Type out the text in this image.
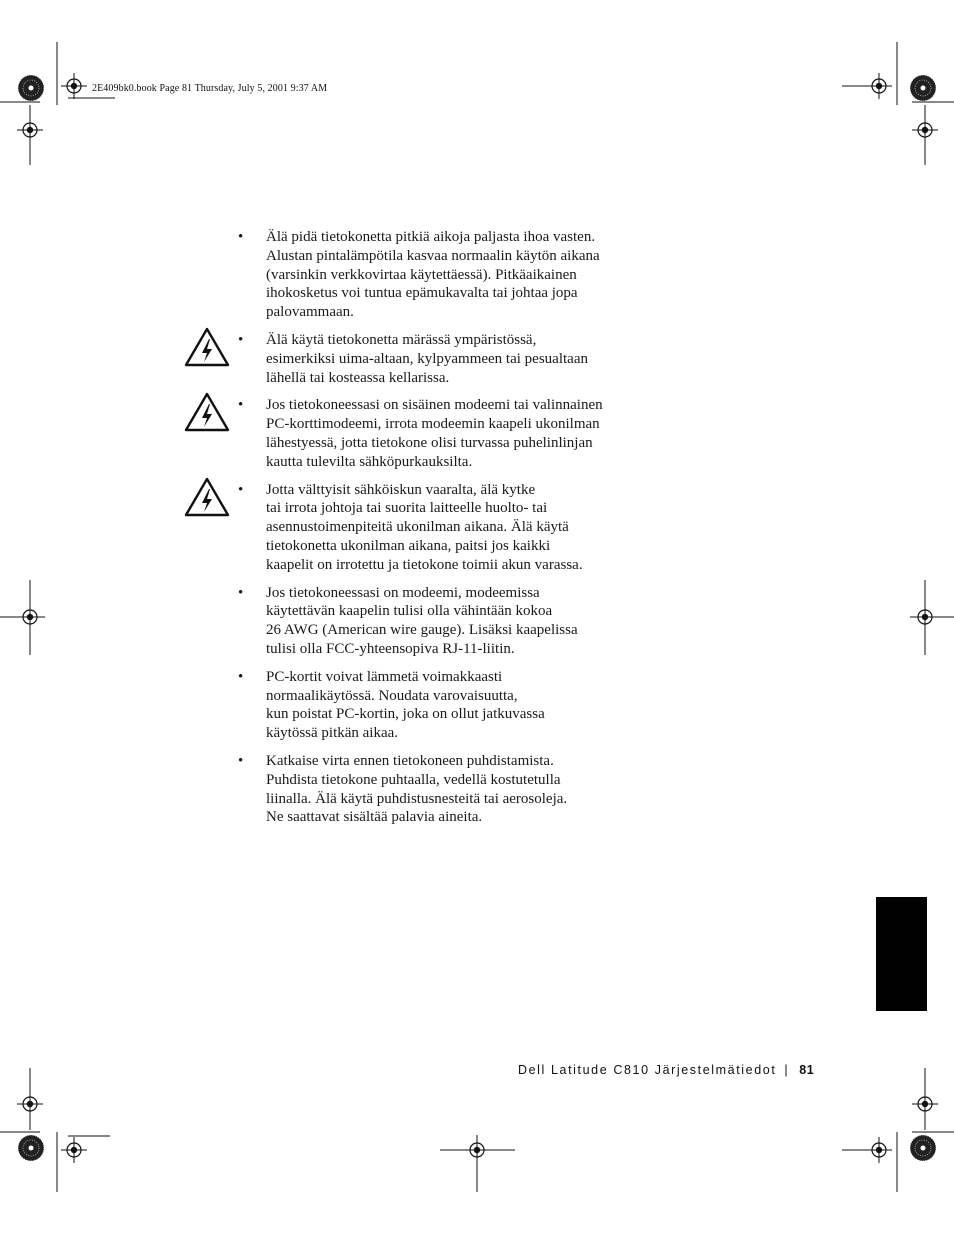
2E409bk0.book Page 81 Thursday, July 5, 2001 9:37 AM
• Älä pidä tietokonetta pitkiä aikoja paljasta ihoa vasten.
Alustan pintalämpötila kasvaa normaalin käytön aikana
(varsinkin verkkovirtaa käytettäessä). Pitkäaikainen
ihokosketus voi tuntua epämukavalta tai johtaa jopa
palovammaan.
• Älä käytä tietokonetta märässä ympäristössä,
esimerkiksi uima-altaan, kylpyammeen tai pesualtaan
lähellä tai kosteassa kellarissa.
• Jos tietokoneessasi on sisäinen modeemi tai valinnainen
PC-korttimodeemi, irrota modeemin kaapeli ukonilman
lähestyessä, jotta tietokone olisi turvassa puhelinlinjan
kautta tulevilta sähköpurkauksilta.
• Jotta välttyisit sähköiskun vaaralta, älä kytke
tai irrota johtoja tai suorita laitteelle huolto- tai
asennustoimenpiteitä ukonilman aikana. Älä käytä
tietokonetta ukonilman aikana, paitsi jos kaikki
kaapelit on irrotettu ja tietokone toimii akun varassa.
• Jos tietokoneessasi on modeemi, modeemissa
käytettävän kaapelin tulisi olla vähintään kokoa
26 AWG (American wire gauge). Lisäksi kaapelissa
tulisi olla FCC-yhteensopiva RJ-11-liitin.
• PC-kortit voivat lämmetä voimakkaasti
normaalikäytössä. Noudata varovaisuutta,
kun poistat PC-kortin, joka on ollut jatkuvassa
käytössä pitkän aikaa.
• Katkaise virta ennen tietokoneen puhdistamista.
Puhdista tietokone puhtaalla, vedellä kostutetulla
liinalla. Älä käytä puhdistusnesteitä tai aerosoleja.
Ne saattavat sisältää palavia aineita.
Dell Latitude C810 Järjestelmätiedot | 81
